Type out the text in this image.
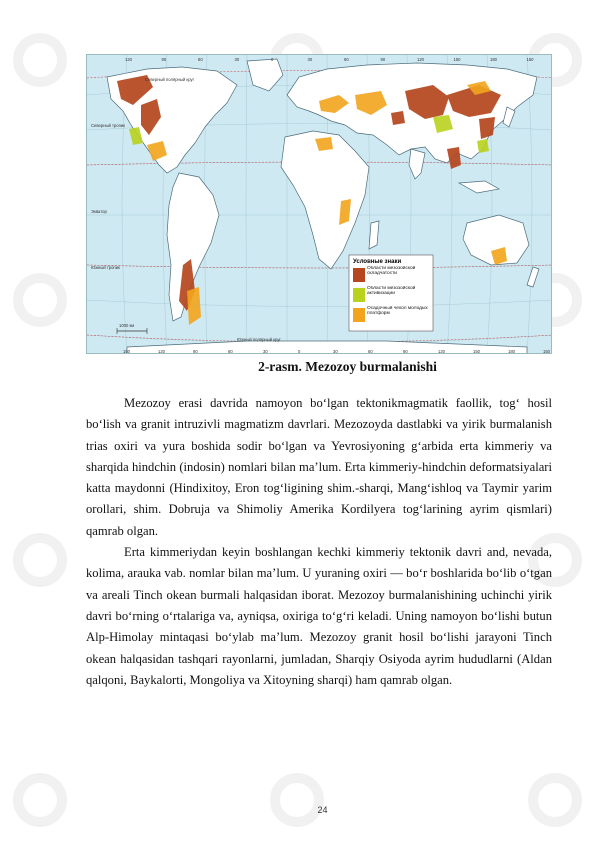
Северный полярный круг
Северный тропик
Экватор
Южный тропик
Южный полярный круг
1000 км
120	90	60	30	0	30	60	90	120	150	180	150
150	120	90	60	30	0	30	60	90	120	150	180	150
Условные знаки
Области мезозойской складчатости
Области мезозойской активизации
Осадочный чехол молодых платформ
2-rasm. Mezozoy burmalanishi

Mezozoy erasi davrida namoyon boʻlgan tektonikmagmatik faollik, togʻ hosil boʻlish va granit intruzivli magmatizm davrlari. Mezozoyda dastlabki va yirik burmalanish trias oxiri va yura boshida sodir boʻlgan va Yevrosiyoning gʻarbida erta kimmeriy va sharqida hindchin (indosin) nomlari bilan maʼlum. Erta kimmeriy-hindchin deformatsiyalari katta maydonni (Hindixitoy, Eron togʻligining shim.-sharqi, Mangʻishloq va Taymir yarim orollari, shim. Dobruja va Shimoliy Amerika Kordilyera togʻlarining ayrim qismlari) qamrab olgan.

Erta kimmeriydan keyin boshlangan kechki kimmeriy tektonik davri and, nevada, kolima, arauka vab. nomlar bilan maʼlum. U yuraning oxiri — boʻr boshlarida boʻlib oʻtgan va areali Tinch okean burmali halqasidan iborat. Mezozoy burmalanishining uchinchi yirik davri boʻrning oʻrtalariga va, ayniqsa, oxiriga toʻgʻri keladi. Uning namoyon boʻlishi butun Alp-Himolay mintaqasi boʻylab maʼlum. Mezozoy granit hosil boʻlishi jarayoni Tinch okean halqasidan tashqari rayonlarni, jumladan, Sharqiy Osiyoda ayrim hududlarni (Aldan qalqoni, Baykalorti, Mongoliya va Xitoyning sharqi) ham qamrab olgan.

24
